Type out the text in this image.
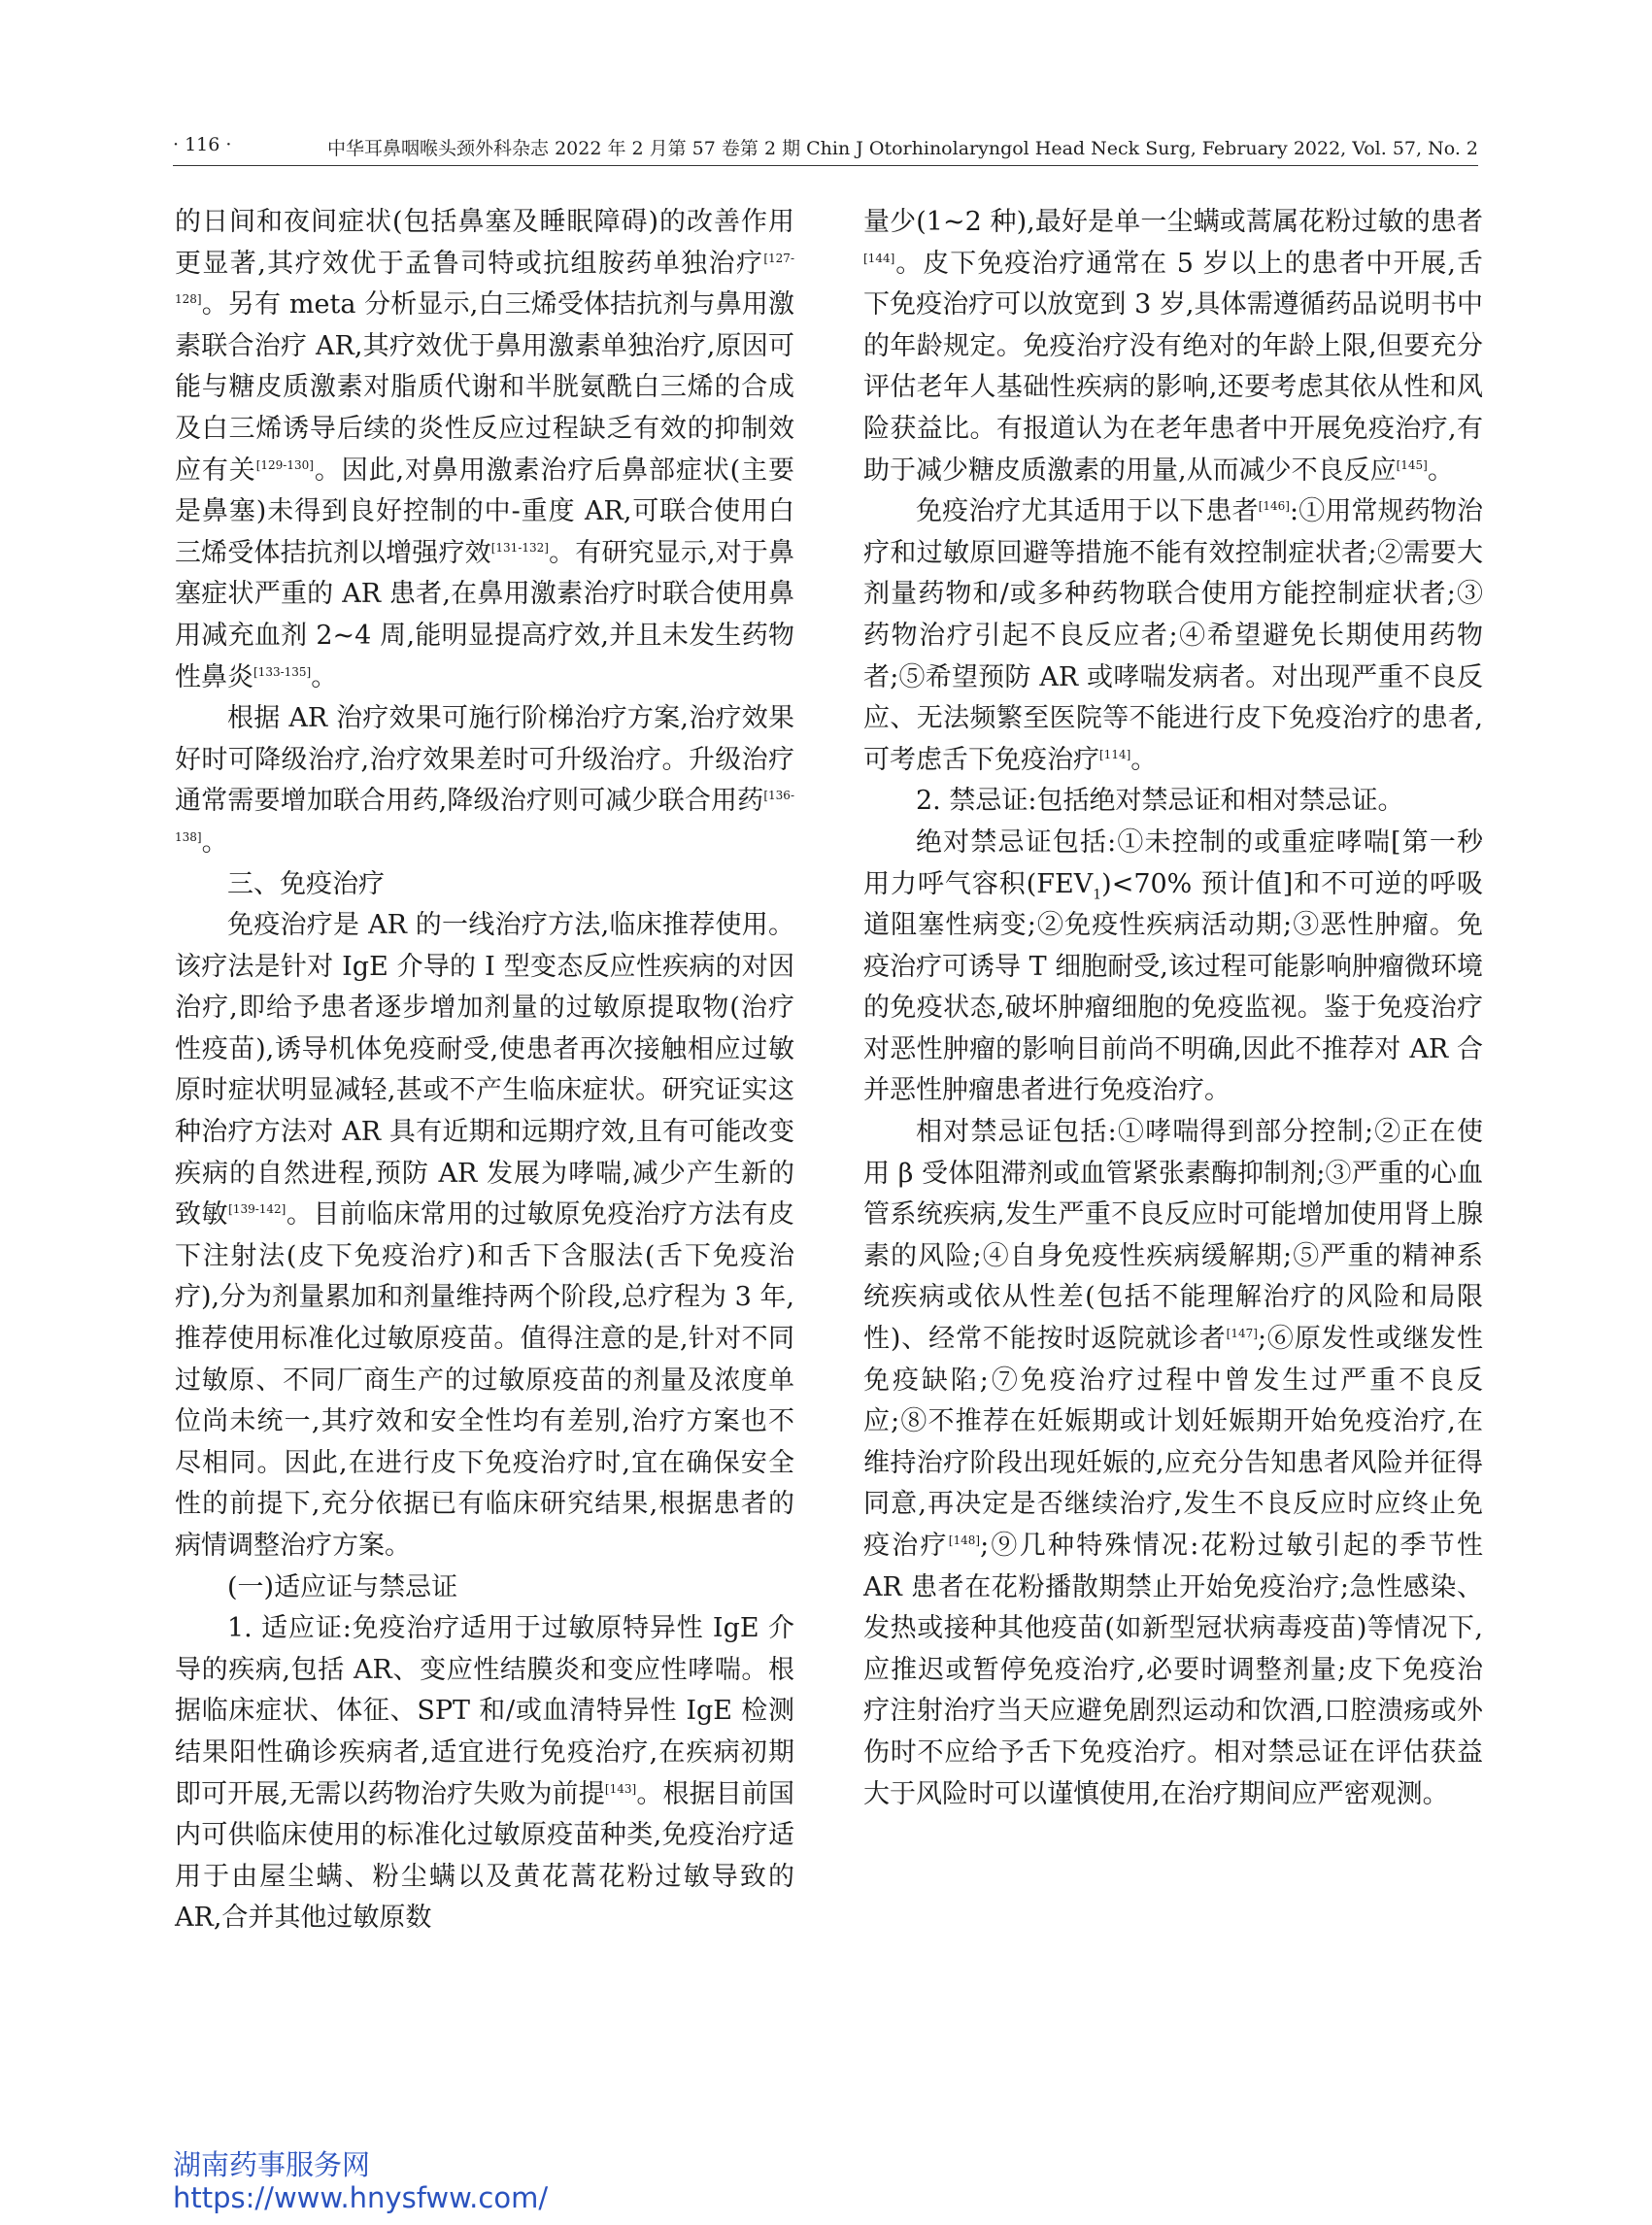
· 116 ·	中华耳鼻咽喉头颈外科杂志 2022 年 2 月第 57 卷第 2 期 Chin J Otorhinolaryngol Head Neck Surg, February 2022, Vol. 57, No. 2

的日间和夜间症状(包括鼻塞及睡眠障碍)的改善作用更显著,其疗效优于孟鲁司特或抗组胺药单独治疗[127-128]。另有 meta 分析显示,白三烯受体拮抗剂与鼻用激素联合治疗 AR,其疗效优于鼻用激素单独治疗,原因可能与糖皮质激素对脂质代谢和半胱氨酰白三烯的合成及白三烯诱导后续的炎性反应过程缺乏有效的抑制效应有关[129-130]。因此,对鼻用激素治疗后鼻部症状(主要是鼻塞)未得到良好控制的中-重度 AR,可联合使用白三烯受体拮抗剂以增强疗效[131-132]。有研究显示,对于鼻塞症状严重的 AR 患者,在鼻用激素治疗时联合使用鼻用减充血剂 2~4 周,能明显提高疗效,并且未发生药物性鼻炎[133-135]。

根据 AR 治疗效果可施行阶梯治疗方案,治疗效果好时可降级治疗,治疗效果差时可升级治疗。升级治疗通常需要增加联合用药,降级治疗则可减少联合用药[136-138]。

三、免疫治疗

免疫治疗是 AR 的一线治疗方法,临床推荐使用。该疗法是针对 IgE 介导的 Ⅰ 型变态反应性疾病的对因治疗,即给予患者逐步增加剂量的过敏原提取物(治疗性疫苗),诱导机体免疫耐受,使患者再次接触相应过敏原时症状明显减轻,甚或不产生临床症状。研究证实这种治疗方法对 AR 具有近期和远期疗效,且有可能改变疾病的自然进程,预防 AR 发展为哮喘,减少产生新的致敏[139-142]。目前临床常用的过敏原免疫治疗方法有皮下注射法(皮下免疫治疗)和舌下含服法(舌下免疫治疗),分为剂量累加和剂量维持两个阶段,总疗程为 3 年,推荐使用标准化过敏原疫苗。值得注意的是,针对不同过敏原、不同厂商生产的过敏原疫苗的剂量及浓度单位尚未统一,其疗效和安全性均有差别,治疗方案也不尽相同。因此,在进行皮下免疫治疗时,宜在确保安全性的前提下,充分依据已有临床研究结果,根据患者的病情调整治疗方案。

(一)适应证与禁忌证

1. 适应证:免疫治疗适用于过敏原特异性 IgE 介导的疾病,包括 AR、变应性结膜炎和变应性哮喘。根据临床症状、体征、SPT 和/或血清特异性 IgE 检测结果阳性确诊疾病者,适宜进行免疫治疗,在疾病初期即可开展,无需以药物治疗失败为前提[143]。根据目前国内可供临床使用的标准化过敏原疫苗种类,免疫治疗适用于由屋尘螨、粉尘螨以及黄花蒿花粉过敏导致的 AR,合并其他过敏原数

量少(1~2 种),最好是单一尘螨或蒿属花粉过敏的患者[144]。皮下免疫治疗通常在 5 岁以上的患者中开展,舌下免疫治疗可以放宽到 3 岁,具体需遵循药品说明书中的年龄规定。免疫治疗没有绝对的年龄上限,但要充分评估老年人基础性疾病的影响,还要考虑其依从性和风险获益比。有报道认为在老年患者中开展免疫治疗,有助于减少糖皮质激素的用量,从而减少不良反应[145]。

免疫治疗尤其适用于以下患者[146]:①用常规药物治疗和过敏原回避等措施不能有效控制症状者;②需要大剂量药物和/或多种药物联合使用方能控制症状者;③药物治疗引起不良反应者;④希望避免长期使用药物者;⑤希望预防 AR 或哮喘发病者。对出现严重不良反应、无法频繁至医院等不能进行皮下免疫治疗的患者,可考虑舌下免疫治疗[114]。

2. 禁忌证:包括绝对禁忌证和相对禁忌证。

绝对禁忌证包括:①未控制的或重症哮喘[第一秒用力呼气容积$(FEV_1)<70\%$ 预计值]和不可逆的呼吸道阻塞性病变;②免疫性疾病活动期;③恶性肿瘤。免疫治疗可诱导 T 细胞耐受,该过程可能影响肿瘤微环境的免疫状态,破坏肿瘤细胞的免疫监视。鉴于免疫治疗对恶性肿瘤的影响目前尚不明确,因此不推荐对 AR 合并恶性肿瘤患者进行免疫治疗。

相对禁忌证包括:①哮喘得到部分控制;②正在使用 β 受体阻滞剂或血管紧张素酶抑制剂;③严重的心血管系统疾病,发生严重不良反应时可能增加使用肾上腺素的风险;④自身免疫性疾病缓解期;⑤严重的精神系统疾病或依从性差(包括不能理解治疗的风险和局限性)、经常不能按时返院就诊者[147];⑥原发性或继发性免疫缺陷;⑦免疫治疗过程中曾发生过严重不良反应;⑧不推荐在妊娠期或计划妊娠期开始免疫治疗,在维持治疗阶段出现妊娠的,应充分告知患者风险并征得同意,再决定是否继续治疗,发生不良反应时应终止免疫治疗[148];⑨几种特殊情况:花粉过敏引起的季节性 AR 患者在花粉播散期禁止开始免疫治疗;急性感染、发热或接种其他疫苗(如新型冠状病毒疫苗)等情况下,应推迟或暂停免疫治疗,必要时调整剂量;皮下免疫治疗注射治疗当天应避免剧烈运动和饮酒,口腔溃疡或外伤时不应给予舌下免疫治疗。相对禁忌证在评估获益大于风险时可以谨慎使用,在治疗期间应严密观测。

湖南药事服务网
https://www.hnysfww.com/
